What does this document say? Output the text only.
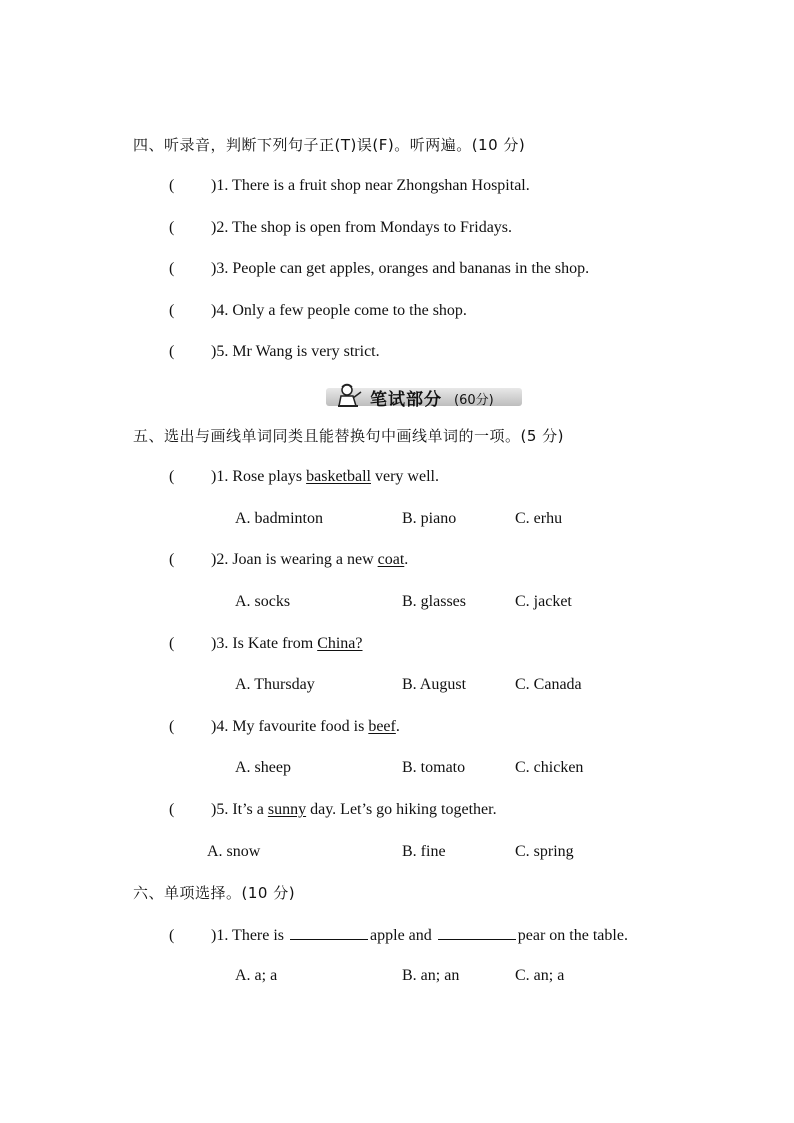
四、听录音，判断下列句子正(T)误(F)。听两遍。(10 分)
( )1. There is a fruit shop near Zhongshan Hospital.
( )2. The shop is open from Mondays to Fridays.
( )3. People can get apples, oranges and bananas in the shop.
( )4. Only a few people come to the shop.
( )5. Mr Wang is very strict.
笔试部分 (60分)
五、选出与画线单词同类且能替换句中画线单词的一项。(5 分)
( )1. Rose plays basketball very well.
A. badminton	B. piano	C. erhu
( )2. Joan is wearing a new coat.
A. socks	B. glasses	C. jacket
( )3. Is Kate from China?
A. Thursday	B. August	C. Canada
( )4. My favourite food is beef.
A. sheep	B. tomato	C. chicken
( )5. It’s a sunny day. Let’s go hiking together.
A. snow	B. fine	C. spring
六、单项选择。(10 分)
( )1. There is	apple and	pear on the table.
A. a; a	B. an; an	C. an; a
